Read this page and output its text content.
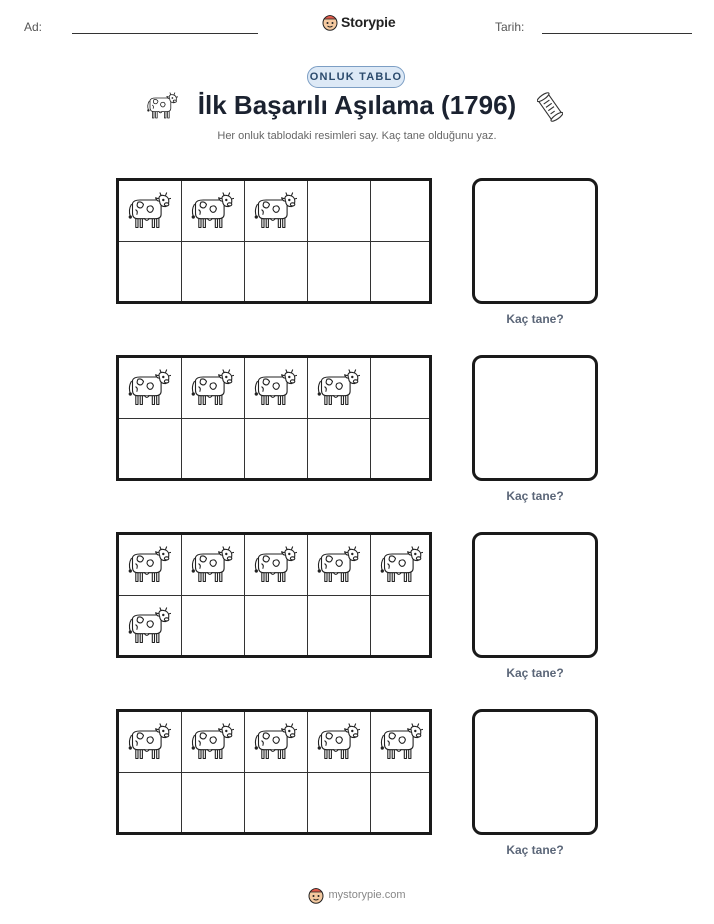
Ad:	Storypie	Tarih:
ONLUK TABLO
İlk Başarılı Aşılama (1796)
Her onluk tablodaki resimleri say. Kaç tane olduğunu yaz.
Kaç tane?
Kaç tane?
Kaç tane?
Kaç tane?
mystorypie.com
